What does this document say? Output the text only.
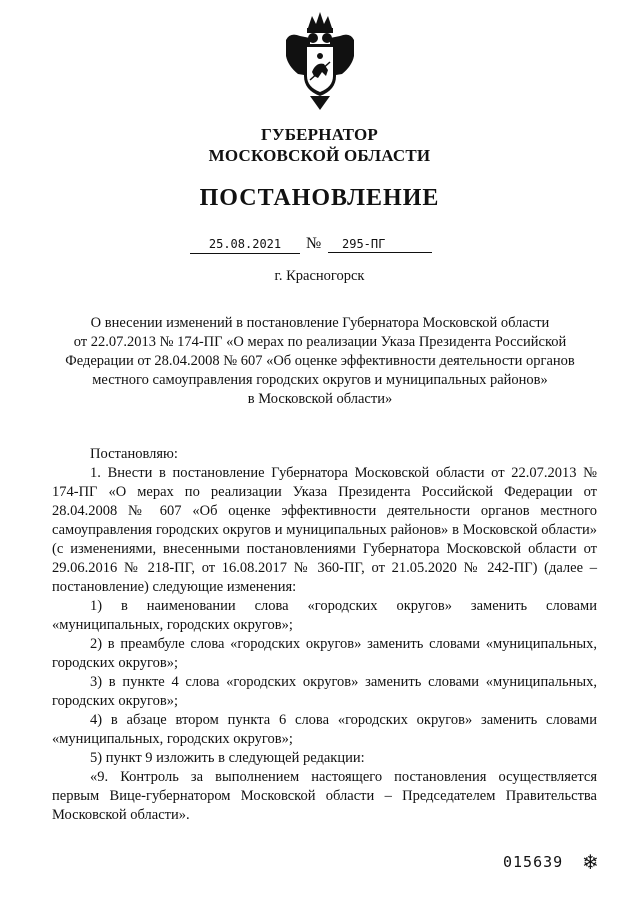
ГУБЕРНАТОР
МОСКОВСКОЙ ОБЛАСТИ
ПОСТАНОВЛЕНИЕ
25.08.2021	№	295-ПГ
г. Красногорск
О внесении изменений в постановление Губернатора Московской области
от 22.07.2013 № 174-ПГ «О мерах по реализации Указа Президента Российской
Федерации от 28.04.2008 № 607 «Об оценке эффективности деятельности органов
местного самоуправления городских округов и муниципальных районов»
в Московской области»

Постановляю:

1. Внести в постановление Губернатора Московской области от 22.07.2013 № 174-ПГ «О мерах по реализации Указа Президента Российской Федерации от 28.04.2008 № 607 «Об оценке эффективности деятельности органов местного самоуправления городских округов и муниципальных районов» в Московской области» (с изменениями, внесенными постановлениями Губернатора Московской области от 29.06.2016 № 218-ПГ, от 16.08.2017 № 360-ПГ, от 21.05.2020 № 242-ПГ) (далее – постановление) следующие изменения:

1) в наименовании слова «городских округов» заменить словами «муниципальных, городских округов»;

2) в преамбуле слова «городских округов» заменить словами «муниципальных, городских округов»;

3) в пункте 4 слова «городских округов» заменить словами «муниципальных, городских округов»;

4) в абзаце втором пункта 6 слова «городских округов» заменить словами «муниципальных, городских округов»;

5) пункт 9 изложить в следующей редакции:

«9. Контроль за выполнением настоящего постановления осуществляется первым Вице-губернатором Московской области – Председателем Правительства Московской области».

015639 ❄
